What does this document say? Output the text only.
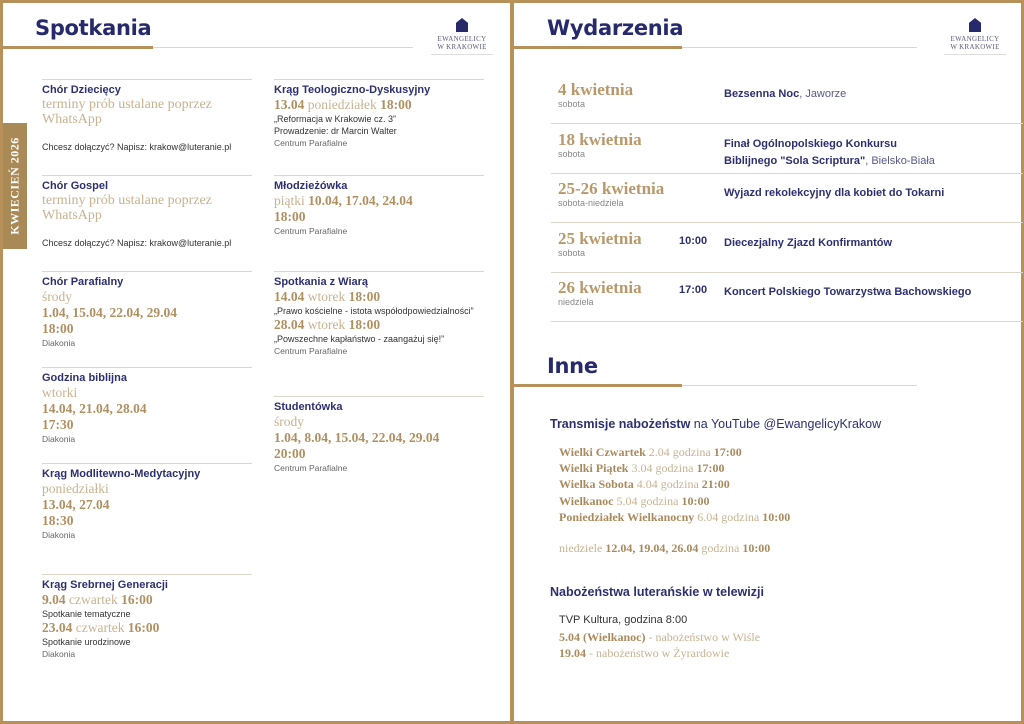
Spotkania	EWANGELICY
W KRAKOWIE
KWIECIEŃ 2026
Chór Dziecięcy
terminy prób ustalane poprzez WhatsApp
Chcesz dołączyć? Napisz: krakow@luteranie.pl
Chór Gospel
terminy prób ustalane poprzez WhatsApp
Chcesz dołączyć? Napisz: krakow@luteranie.pl
Chór Parafialny
środy
1.04, 15.04, 22.04, 29.04
18:00
Diakonia
Godzina biblijna
wtorki
14.04, 21.04, 28.04
17:30
Diakonia
Krąg Modlitewno-Medytacyjny
poniedziałki
13.04, 27.04
18:30
Diakonia
Krąg Srebrnej Generacji
9.04 czwartek 16:00
Spotkanie tematyczne
23.04 czwartek 16:00
Spotkanie urodzinowe
Diakonia
Krąg Teologiczno-Dyskusyjny
13.04 poniedziałek 18:00
„Reformacja w Krakowie cz. 3”
Prowadzenie: dr Marcin Walter
Centrum Parafialne
Młodzieżówka
piątki 10.04, 17.04, 24.04
18:00
Centrum Parafialne
Spotkania z Wiarą
14.04 wtorek 18:00
„Prawo kościelne - istota współodpowiedzialności”
28.04 wtorek 18:00
„Powszechne kapłaństwo - zaangażuj się!”
Centrum Parafialne
Studentówka
środy
1.04, 8.04, 15.04, 22.04, 29.04
20:00
Centrum Parafialne
Wydarzenia	EWANGELICY
W KRAKOWIE
4 kwietnia
sobota
Bezsenna Noc, Jaworze
18 kwietnia
sobota
Finał Ogólnopolskiego Konkursu
Biblijnego "Sola Scriptura", Bielsko-Biała
25-26 kwietnia
sobota-niedziela
Wyjazd rekolekcyjny dla kobiet do Tokarni
25 kwietnia
sobota
10:00 Diecezjalny Zjazd Konfirmantów
26 kwietnia
niedziela
17:00 Koncert Polskiego Towarzystwa Bachowskiego
Inne
Transmisje nabożeństw na YouTube @EwangelicyKrakow
Wielki Czwartek 2.04 godzina 17:00
Wielki Piątek 3.04 godzina 17:00
Wielka Sobota 4.04 godzina 21:00
Wielkanoc 5.04 godzina 10:00
Poniedziałek Wielkanocny 6.04 godzina 10:00
niedziele 12.04, 19.04, 26.04 godzina 10:00
Nabożeństwa luterańskie w telewizji
TVP Kultura, godzina 8:00
5.04 (Wielkanoc) - nabożeństwo w Wiśle
19.04 - nabożeństwo w Żyrardowie
